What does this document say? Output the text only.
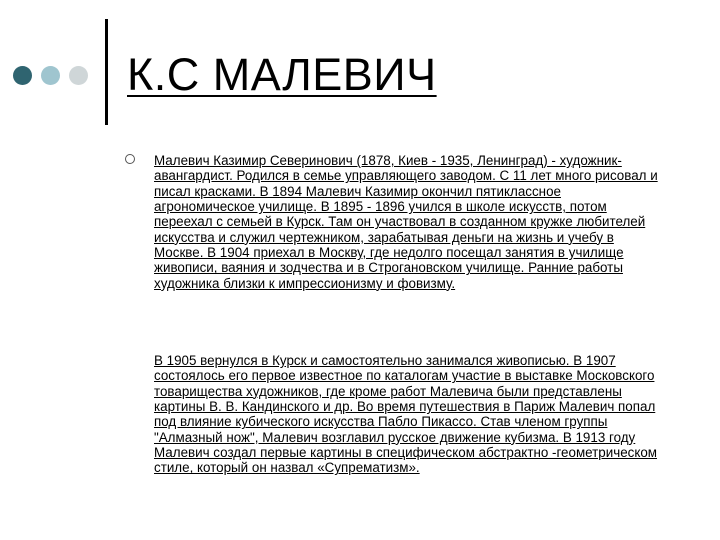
К.С МАЛЕВИЧ
Малевич Казимир Северинович (1878, Киев - 1935, Ленинград) - художник-авангардист. Родился в семье управляющего заводом. С 11 лет много рисовал и писал красками. В 1894 Малевич Казимир окончил пятиклассное агрономическое училище. В 1895 - 1896 учился в школе искусств, потом переехал с семьей в Курск. Там он участвовал в созданном кружке любителей искусства и служил чертежником, зарабатывая деньги на жизнь и учебу в Москве. В 1904 приехал в Москву, где недолго посещал занятия в училище живописи, ваяния и зодчества и в Строгановском училище. Ранние работы художника близки к импрессионизму и фовизму.
В 1905 вернулся в Курск и самостоятельно занимался живописью. В 1907 состоялось его первое известное по каталогам участие в выставке Московского товарищества художников, где кроме работ Малевича были представлены картины В. В. Кандинского и др. Во время путешествия в Париж Малевич попал под влияние кубического искусства Пабло Пикассо. Став членом группы "Алмазный нож", Малевич возглавил русское движение кубизма. В 1913 году Малевич создал первые картины в специфическом абстрактно -геометрическом стиле, который он назвал «Супрематизм».
